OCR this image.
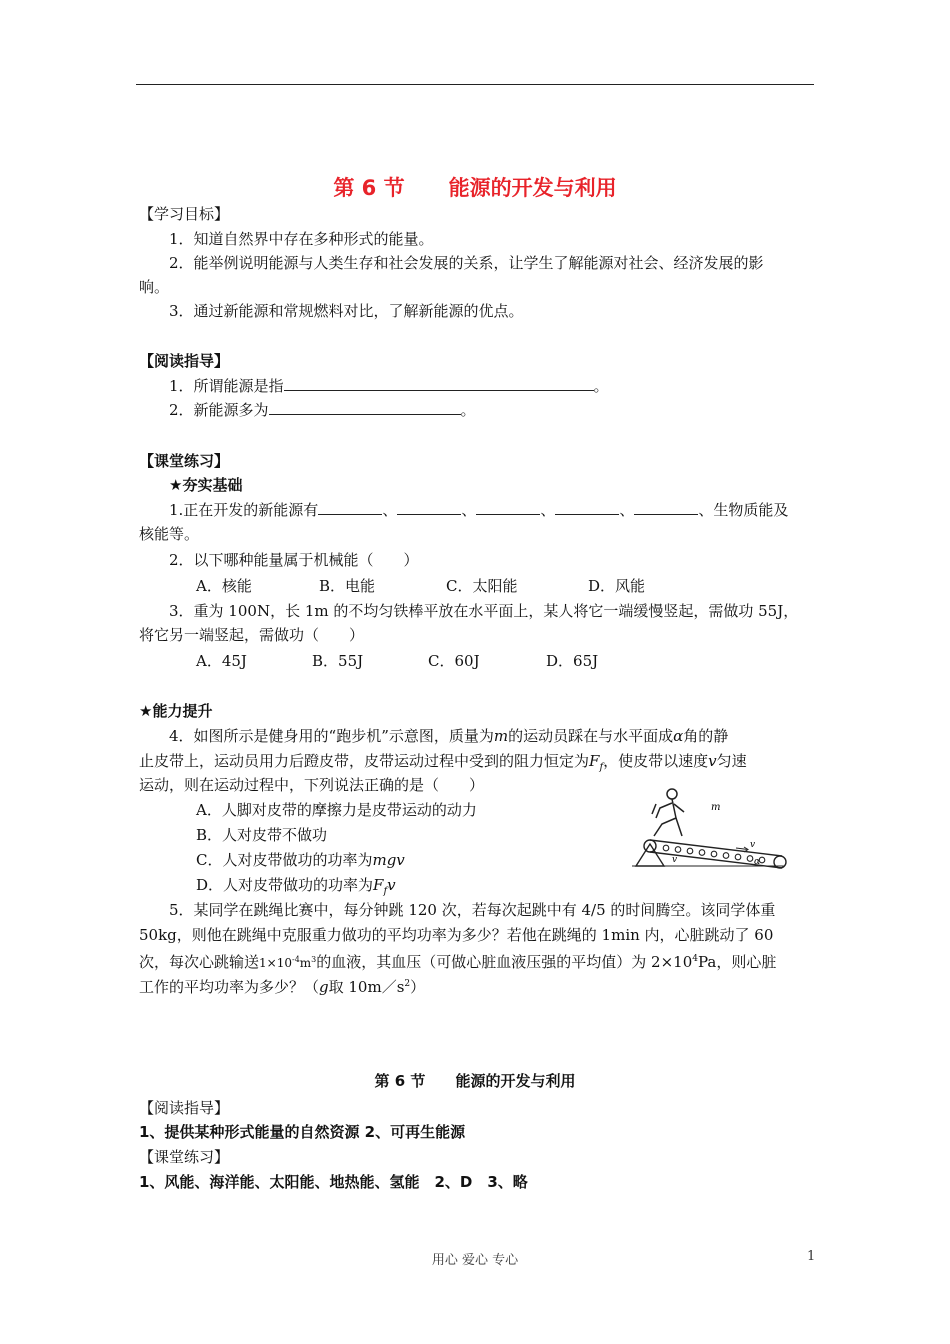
第 6 节 能源的开发与利用
【学习目标】
1．知道自然界中存在多种形式的能量。
2．能举例说明能源与人类生存和社会发展的关系，让学生了解能源对社会、经济发展的影
响。
3．通过新能源和常规燃料对比，了解新能源的优点。
【阅读指导】
1．所谓能源是指	。
2．新能源多为	。
【课堂练习】
★夯实基础
1.正在开发的新能源有	、	、	、	、	、生物质能及
核能等。
2．以下哪种能量属于机械能（　　）
A．核能	B．电能	C．太阳能	D．风能
3．重为 100N，长 1m 的不均匀铁棒平放在水平面上，某人将它一端缓慢竖起，需做功 55J，
将它另一端竖起，需做功（　　）
A．45J	B．55J	C．60J	D．65J
★能力提升
4．如图所示是健身用的“跑步机”示意图，质量为m的运动员踩在与水平面成α角的静
止皮带上，运动员用力后蹬皮带，皮带运动过程中受到的阻力恒定为$F_f$，使皮带以速度v匀速
运动，则在运动过程中，下列说法正确的是（　　）
A．人脚对皮带的摩擦力是皮带运动的动力
B．人对皮带不做功
C．人对皮带做功的功率为mgv
D．人对皮带做功的功率为$F_fv$
m
v
v	α
5．某同学在跳绳比赛中，每分钟跳 120 次，若每次起跳中有 4/5 的时间腾空。该同学体重
50kg，则他在跳绳中克服重力做功的平均功率为多少？若他在跳绳的 1min 内，心脏跳动了 60
次，每次心跳输送$1\times 10^{-4}m^3$的血液，其血压（可做心脏血液压强的平均值）为 $2\times 10^4Pa$，则心脏
工作的平均功率为多少？（g取 $10m/s^2$）
第 6 节 能源的开发与利用
【阅读指导】
1、提供某种形式能量的自然资源 2、可再生能源
【课堂练习】
1、风能、海洋能、太阳能、地热能、氢能　2、D　3、略
用心 爱心 专心	1
